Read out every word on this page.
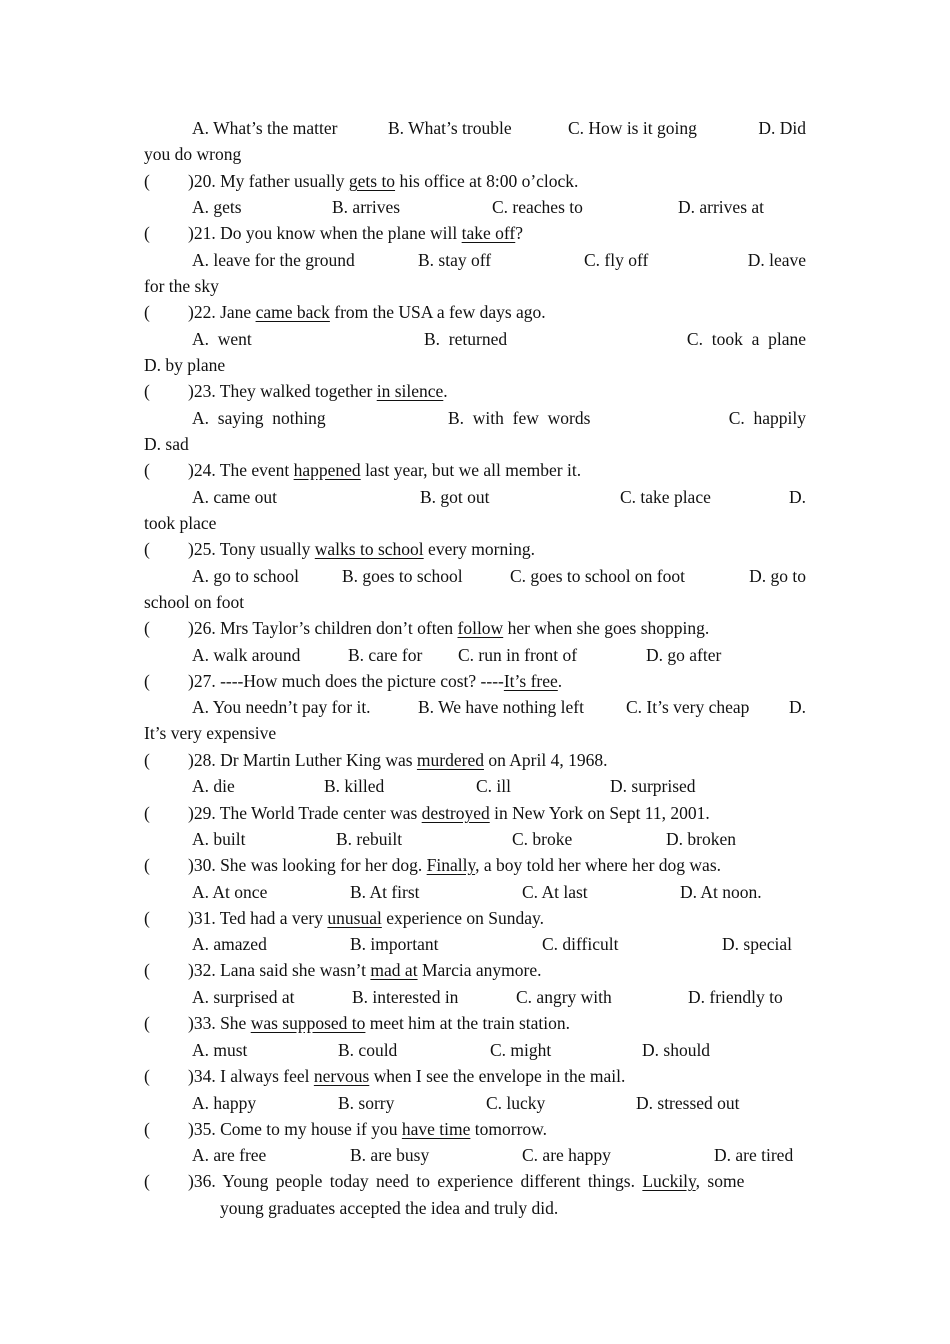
A. What’s the matter	B. What’s trouble	C. How is it going	D. Did
you do wrong
( )20. My father usually gets to his office at 8:00 o’clock.
A. gets	B. arrives	C. reaches to	D. arrives at
( )21. Do you know when the plane will take off?
A. leave for the ground	B. stay off	C. fly off	D. leave
for the sky
( )22. Jane came back from the USA a few days ago.
A.  went	B.  returned	C.  took  a  plane
D. by plane
( )23. They walked together in silence.
A.  saying  nothing	B.  with  few  words	C.  happily
D. sad
( )24. The event happened last year, but we all member it.
A. came out	B. got out	C. take place	D.
took place
( )25. Tony usually walks to school every morning.
A. go to school B. goes to school	C. goes to school on foot	D. go to
school on foot
( )26. Mrs Taylor’s children don’t often follow her when she goes shopping.
A. walk around	B. care for C. run in front of	D. go after
( )27. ----How much does the picture cost? ----It’s free.
A. You needn’t pay for it.	B. We have nothing left C. It’s very cheap D.
It’s very expensive
( )28. Dr Martin Luther King was murdered on April 4, 1968.
A. die	B. killed	C. ill	D. surprised
( )29. The World Trade center was destroyed in New York on Sept 11, 2001.
A. built	B. rebuilt	C. broke	D. broken
( )30. She was looking for her dog. Finally, a boy told her where her dog was.
A. At once	B. At first	C. At last	D. At noon.
( )31. Ted had a very unusual experience on Sunday.
A. amazed	B. important	C. difficult	D. special
( )32. Lana said she wasn’t mad at Marcia anymore.
A. surprised at	B. interested in	C. angry with	D. friendly to
( )33. She was supposed to meet him at the train station.
A. must	B. could	C. might	D. should
( )34. I always feel nervous when I see the envelope in the mail.
A. happy	B. sorry	C. lucky	D. stressed out
( )35. Come to my house if you have time tomorrow.
A. are free	B. are busy	C. are happy	D. are tired
( )36. Young people today need to experience different things. Luckily, some
young graduates accepted the idea and truly did.
